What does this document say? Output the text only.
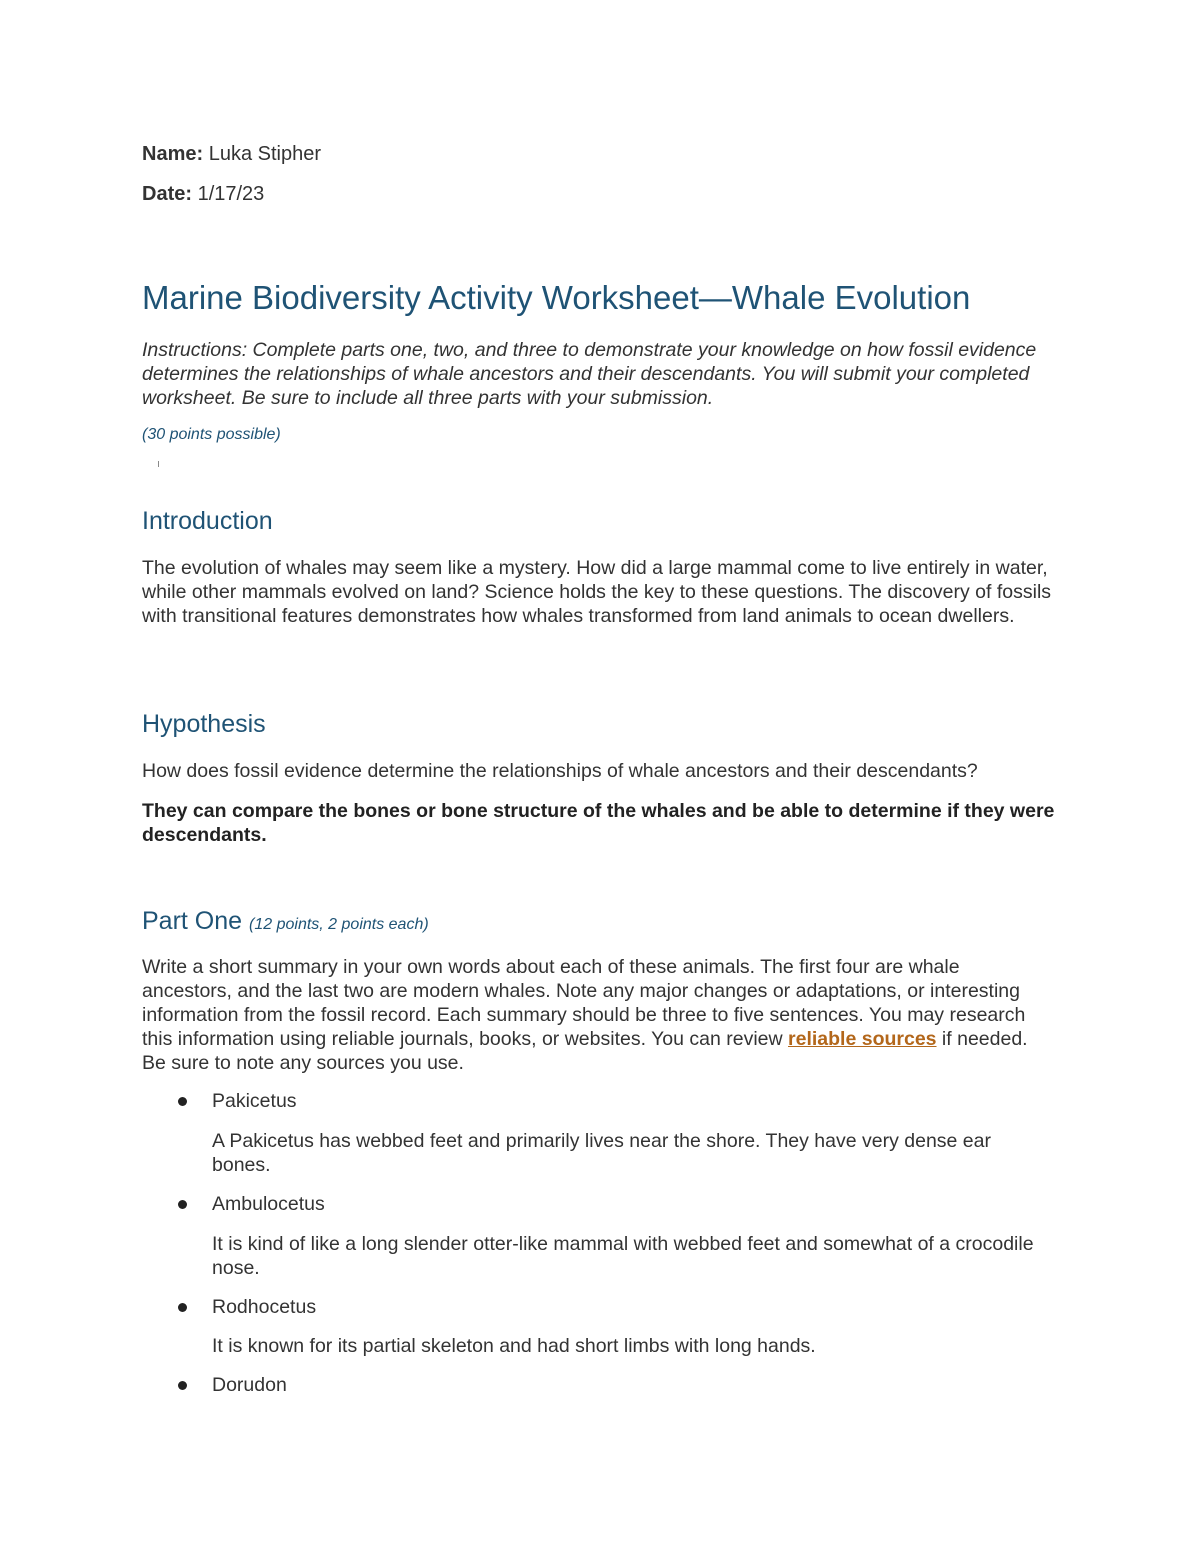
Name: Luka Stipher

Date: 1/17/23

Marine Biodiversity Activity Worksheet—Whale Evolution

Instructions: Complete parts one, two, and three to demonstrate your knowledge on how fossil evidence determines the relationships of whale ancestors and their descendants. You will submit your completed worksheet. Be sure to include all three parts with your submission.

(30 points possible)

Introduction

The evolution of whales may seem like a mystery. How did a large mammal come to live entirely in water, while other mammals evolved on land? Science holds the key to these questions. The discovery of fossils with transitional features demonstrates how whales transformed from land animals to ocean dwellers.

Hypothesis

How does fossil evidence determine the relationships of whale ancestors and their descendants?

They can compare the bones or bone structure of the whales and be able to determine if they were descendants.

Part One (12 points, 2 points each)

Write a short summary in your own words about each of these animals. The first four are whale ancestors, and the last two are modern whales. Note any major changes or adaptations, or interesting information from the fossil record. Each summary should be three to five sentences. You may research this information using reliable journals, books, or websites. You can review reliable sources if needed. Be sure to note any sources you use.

Pakicetus

A Pakicetus has webbed feet and primarily lives near the shore. They have very dense ear bones.

Ambulocetus

It is kind of like a long slender otter-like mammal with webbed feet and somewhat of a crocodile nose.

Rodhocetus

It is known for its partial skeleton and had short limbs with long hands.

Dorudon
